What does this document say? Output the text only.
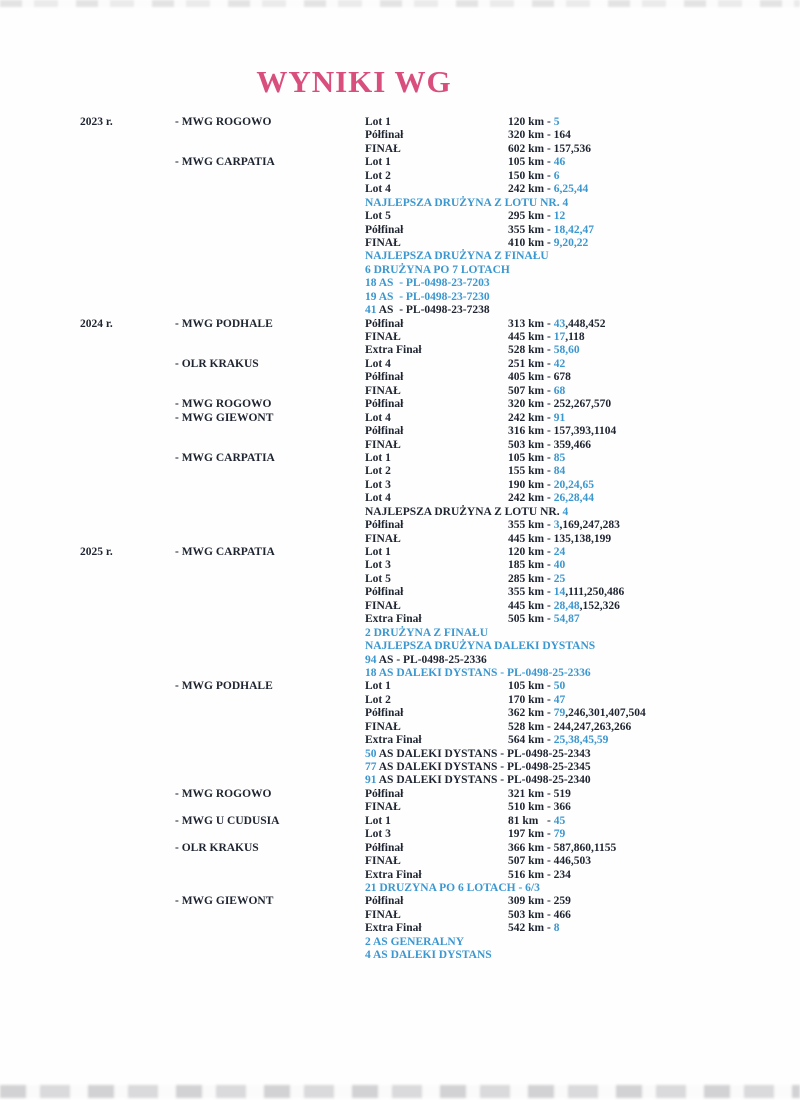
WYNIKI WG
2023 r.	- MWG ROGOWO	Lot 1	120 km - 5
Półfinał	320 km - 164
FINAŁ	602 km - 157,536
- MWG CARPATIA	Lot 1	105 km - 46
Lot 2	150 km - 6
Lot 4	242 km - 6,25,44
NAJLEPSZA DRUŻYNA Z LOTU NR. 4
Lot 5	295 km - 12
Półfinał	355 km - 18,42,47
FINAŁ	410 km - 9,20,22
NAJLEPSZA DRUŻYNA Z FINAŁU
6 DRUŻYNA PO 7 LOTACH
18 AS  - PL-0498-23-7203
19 AS  - PL-0498-23-7230
41 AS  - PL-0498-23-7238
2024 r.	- MWG PODHALE	Półfinał	313 km - 43,448,452
FINAŁ	445 km - 17,118
Extra Finał	528 km - 58,60
- OLR KRAKUS	Lot 4	251 km - 42
Półfinał	405 km - 678
FINAŁ	507 km - 68
- MWG ROGOWO	Półfinał	320 km - 252,267,570
- MWG GIEWONT	Lot 4	242 km - 91
Półfinał	316 km - 157,393,1104
FINAŁ	503 km - 359,466
- MWG CARPATIA	Lot 1	105 km - 85
Lot 2	155 km - 84
Lot 3	190 km - 20,24,65
Lot 4	242 km - 26,28,44
NAJLEPSZA DRUŻYNA Z LOTU NR. 4
Półfinał	355 km - 3,169,247,283
FINAŁ	445 km - 135,138,199
2025 r.	- MWG CARPATIA	Lot 1	120 km - 24
Lot 3	185 km - 40
Lot 5	285 km - 25
Półfinał	355 km - 14,111,250,486
FINAŁ	445 km - 28,48,152,326
Extra Finał	505 km - 54,87
2 DRUŻYNA Z FINAŁU
NAJLEPSZA DRUŻYNA DALEKI DYSTANS
94 AS - PL-0498-25-2336
18 AS DALEKI DYSTANS - PL-0498-25-2336
- MWG PODHALE	Lot 1	105 km - 50
Lot 2	170 km - 47
Półfinał	362 km - 79,246,301,407,504
FINAŁ	528 km - 244,247,263,266
Extra Finał	564 km - 25,38,45,59
50 AS DALEKI DYSTANS - PL-0498-25-2343
77 AS DALEKI DYSTANS - PL-0498-25-2345
91 AS DALEKI DYSTANS - PL-0498-25-2340
- MWG ROGOWO	Półfinał	321 km - 519
FINAŁ	510 km - 366
- MWG U CUDUSIA	Lot 1	81 km   - 45
Lot 3	197 km - 79
- OLR KRAKUS	Półfinał	366 km - 587,860,1155
FINAŁ	507 km - 446,503
Extra Finał	516 km - 234
21 DRUZYNA PO 6 LOTACH - 6/3
- MWG GIEWONT	Półfinał	309 km - 259
FINAŁ	503 km - 466
Extra Finał	542 km - 8
2 AS GENERALNY
4 AS DALEKI DYSTANS
